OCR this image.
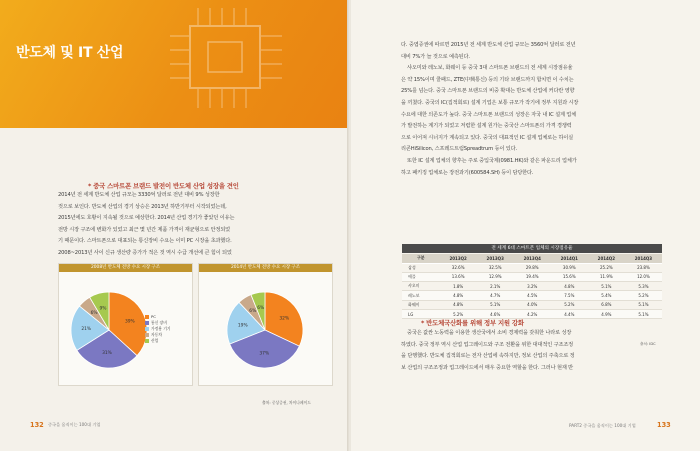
반도체 및 IT 산업
* 중국 스마트폰 브랜드 발전이 반도체 산업 성장을 견인

2014년 전 세계 반도체 산업 규모는 3330억 달러로 전년 대비 9% 성장한

것으로 보인다. 반도체 산업의 경기 상승은 2013년 하반기부터 시작되었는데,

2015년에도 호황이 지속될 것으로 예상한다. 2014년 산업 경기가 좋았던 이유는

전방 시장 구조에 변화가 있었고 최근 몇 년간 제품 가격이 재균형으로 안정되었

기 때문이다. 스마트폰으로 대표되는 통신장비 수요는 이미 PC 시장을 초과했다.

2008~2013년 사이 신규 생산량 증가가 적은 것 역시 수급 개선에 큰 힘이 되었

2008년 반도체 전방 수요 시장 구조
39%
31%
21%
6%
9%
PC
통신 장비
가정용 기기
자동차
산업
2014년 반도체 전방 수요 시장 구조
32%
37%
19%
6%
6%
출처: 중상증권, 차이나페이드
132 중국을 움직이는 100대 기업

다. 중엽증권에 따르면 2015년 전 세계 반도체 산업 규모는 3560억 달러로 전년

대비 7%가 늘 것으로 예측된다.

샤오미와 레노보, 화웨이 등 중국 3대 스마트폰 브랜드의 전 세계 시장점유율

은 약 15%이며 쿨패드, ZTE(中興통신) 등의 기타 브랜드까지 합치면 이 수치는

25%를 넘는다. 중국 스마트폰 브랜드의 비중 확대는 반도체 산업에 커다란 영향

을 끼쳤다. 중국의 IC(집적회로) 설계 기업은 보통 규모가 작기에 정부 지원과 시장

수요에 대한 의존도가 높다. 중국 스마트폰 브랜드의 성장은 자국 내 IC 설계 업체

가 발전하는 계기가 되었고 저렴한 설계 원가는 중국산 스마트폰의 가격 경쟁력

으로 이어져 시너지가 계속되고 있다. 중국의 대표적인 IC 설계 업체로는 하이실

리콘HiSilicon, 스프레드트럼Spreadtrum 등이 있다.

또한 IC 설계 업체의 향후는 주로 중입국제(0981.HK)와 같은 파운드리 업체가

하고 패키징 업체로는 장전과기(600584.SH) 등이 담당한다.

* 반도체국산화를 위해 정부 지원 강화

중국은 값싼 노동력을 이용한 생산국에서 소비 경제력을 갖춰한 나라로 성장

하였다. 중국 정부 역시 산업 업그레이드와 구조 전환을 위한 대대적인 구조조정

을 단행했다. 반도체 집적회로는 전자 산업에 속하지만, 정보 산업의 주축으로 정

보 산업의 구조조정과 업그레이드에서 매우 중요한 역할을 한다. 그러나 현재 반

PART2 중국을 움직이는 100대 기업	133
전 세계 6대 스마트폰 업체의 시장점유율
구분	2013Q2	2013Q3	2013Q4	2014Q1	2014Q2	2014Q3
삼성	32.6%	32.5%	29.8%	30.9%	25.2%	23.8%
애플	13.6%	12.9%	19.4%	15.6%	11.9%	12.0%
샤오미	1.8%	2.1%	3.2%	4.8%	5.1%	5.3%
레노보	4.8%	4.7%	4.5%	7.5%	5.4%	5.2%
화웨이	4.8%	5.1%	4.0%	5.2%	6.8%	5.1%
LG	5.2%	4.6%	4.2%	4.4%	4.9%	5.1%
출처: IDC
